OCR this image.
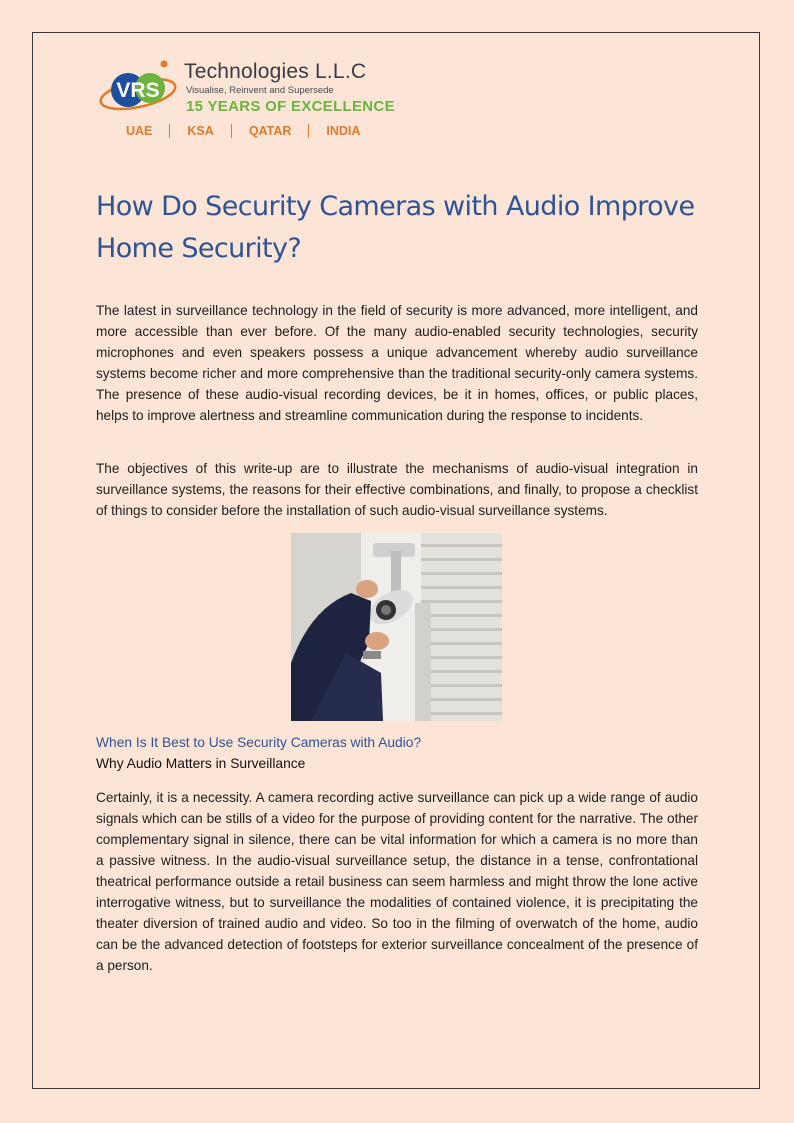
VRS
Technologies L.L.C
Visualise, Reinvent and Supersede
15 YEARS OF EXCELLENCE
UAE	KSA	QATAR	INDIA
How Do Security Cameras with Audio Improve Home Security?

The latest in surveillance technology in the field of security is more advanced, more intelligent, and more accessible than ever before. Of the many audio-enabled security technologies, security microphones and even speakers possess a unique advancement whereby audio surveillance systems become richer and more comprehensive than the traditional security-only camera systems. The presence of these audio-visual recording devices, be it in homes, offices, or public places, helps to improve alertness and streamline communication during the response to incidents.

The objectives of this write-up are to illustrate the mechanisms of audio-visual integration in surveillance systems, the reasons for their effective combinations, and finally, to propose a checklist of things to consider before the installation of such audio-visual surveillance systems.

When Is It Best to Use Security Cameras with Audio?
Why Audio Matters in Surveillance

Certainly, it is a necessity. A camera recording active surveillance can pick up a wide range of audio signals which can be stills of a video for the purpose of providing content for the narrative. The other complementary signal in silence, there can be vital information for which a camera is no more than a passive witness. In the audio-visual surveillance setup, the distance in a tense, confrontational theatrical performance outside a retail business can seem harmless and might throw the lone active interrogative witness, but to surveillance the modalities of contained violence, it is precipitating the theater diversion of trained audio and video. So too in the filming of overwatch of the home, audio can be the advanced detection of footsteps for exterior surveillance concealment of the presence of a person.
